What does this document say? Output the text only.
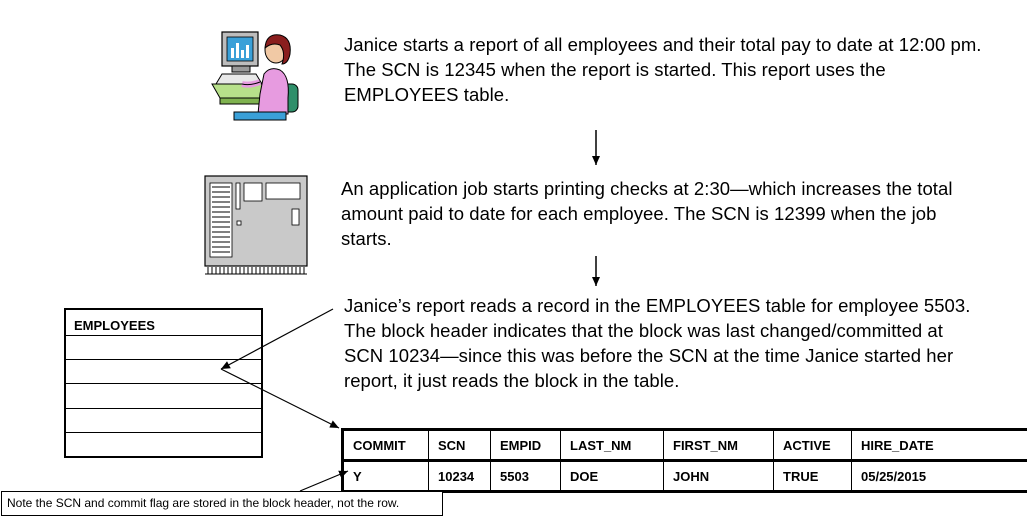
Janice starts a report of all employees and their total pay to date at 12:00 pm. The SCN is 12345 when the report is started. This report uses the EMPLOYEES table.
An application job starts printing checks at 2:30—which increases the total amount paid to date for each employee. The SCN is 12399 when the job starts.
Janice’s report reads a record in the EMPLOYEES table for employee 5503. The block header indicates that the block was last changed/committed at SCN 10234—since this was before the SCN at the time Janice started her report, it just reads the block in the table.
EMPLOYEES
COMMIT	SCN	EMPID	LAST_NM	FIRST_NM	ACTIVE	HIRE_DATE
Y	10234	5503	DOE	JOHN	TRUE	05/25/2015
Note the SCN and commit flag are stored in the block header, not the row.
